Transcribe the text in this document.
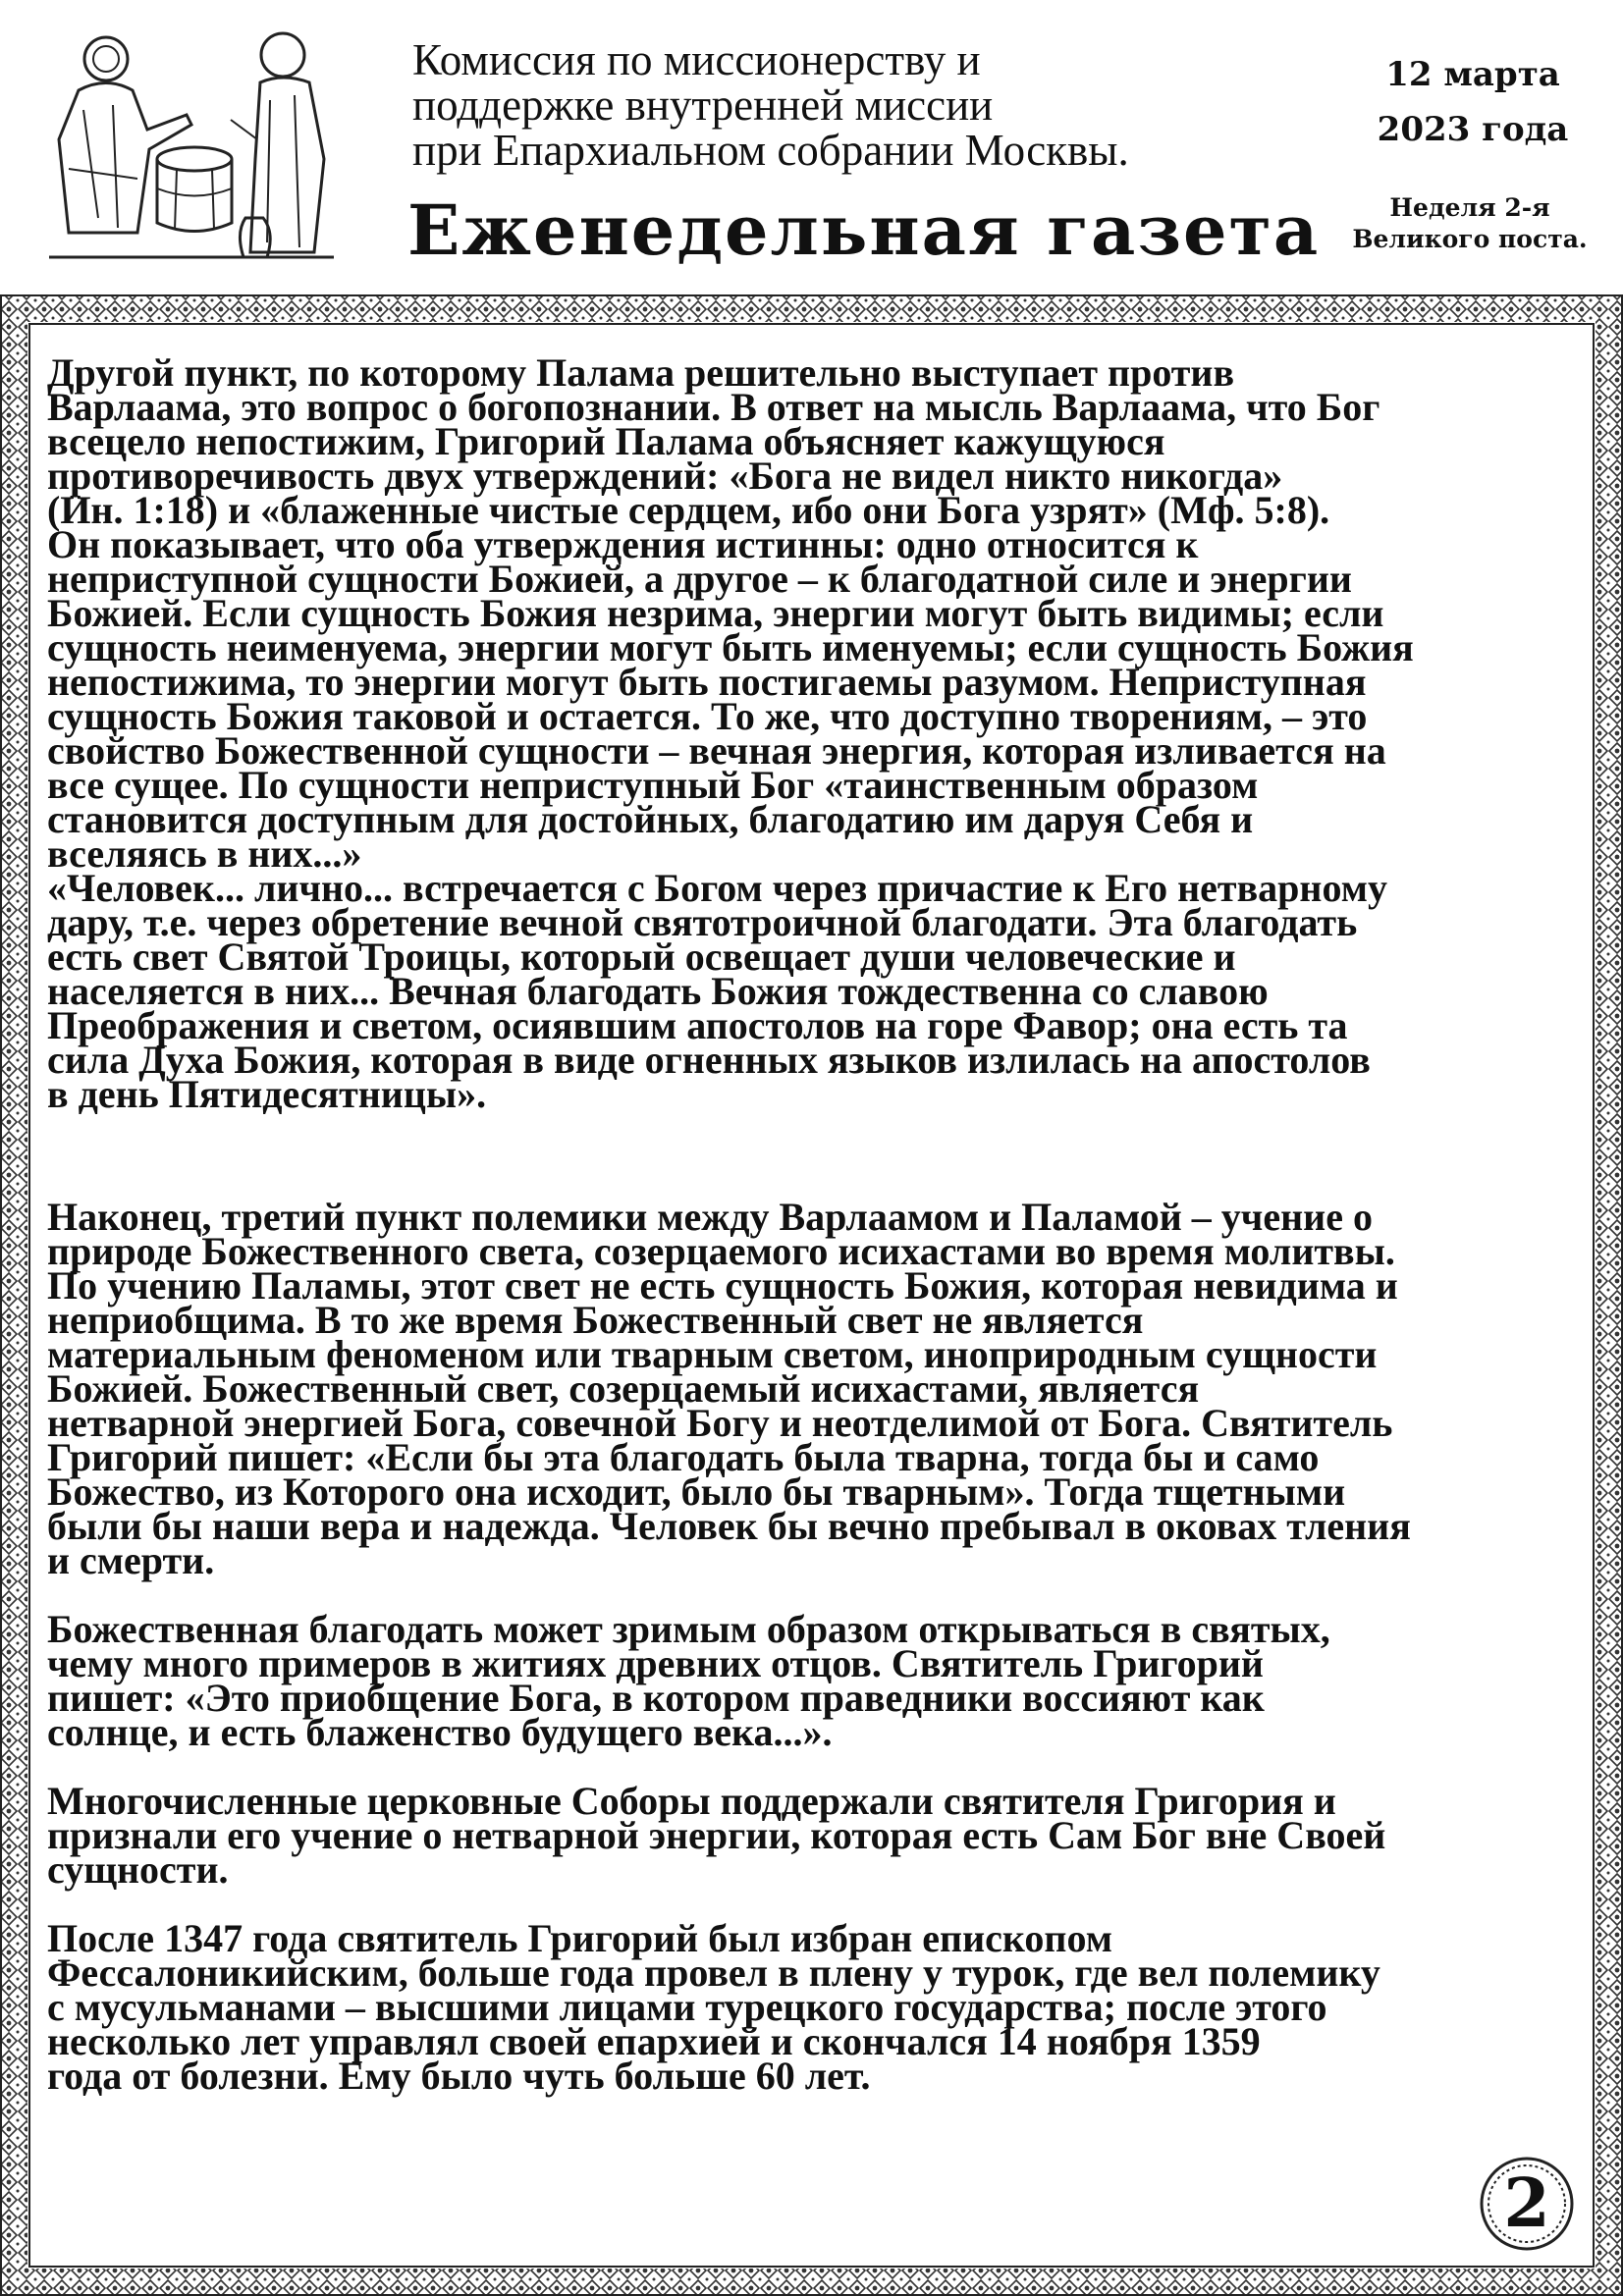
Комиссия по миссионерству и
поддержке внутренней миссии
при Епархиальном собрании Москвы.
Еженедельная газета
12 марта
2023 года
Неделя 2-я
Великого поста.

Другой пункт, по которому Палама решительно выступает против
Варлаама, это вопрос о богопознании. В ответ на мысль Варлаама, что Бог
всецело непостижим, Григорий Палама объясняет кажущуюся
противоречивость двух утверждений: «Бога не видел никто никогда»
(Ин. 1:18) и «блаженные чистые сердцем, ибо они Бога узрят» (Мф. 5:8).
Он показывает, что оба утверждения истинны: одно относится к
неприступной сущности Божией, а другое – к благодатной силе и энергии
Божией. Если сущность Божия незрима, энергии могут быть видимы; если
сущность неименуема, энергии могут быть именуемы; если сущность Божия
непостижима, то энергии могут быть постигаемы разумом. Неприступная
сущность Божия таковой и остается. То же, что доступно творениям, – это
свойство Божественной сущности – вечная энергия, которая изливается на
все сущее. По сущности неприступный Бог «таинственным образом
становится доступным для достойных, благодатию им даруя Себя и
вселяясь в них...»

«Человек... лично... встречается с Богом через причастие к Его нетварному
дару, т.е. через обретение вечной святотроичной благодати. Эта благодать
есть свет Святой Троицы, который освещает души человеческие и
населяется в них... Вечная благодать Божия тождественна со славою
Преображения и светом, осиявшим апостолов на горе Фавор; она есть та
сила Духа Божия, которая в виде огненных языков излилась на апостолов
в день Пятидесятницы».

Наконец, третий пункт полемики между Варлаамом и Паламой – учение о
природе Божественного света, созерцаемого исихастами во время молитвы.
По учению Паламы, этот свет не есть сущность Божия, которая невидима и
неприобщима. В то же время Божественный свет не является
материальным феноменом или тварным светом, иноприродным сущности
Божией. Божественный свет, созерцаемый исихастами, является
нетварной энергией Бога, совечной Богу и неотделимой от Бога. Святитель
Григорий пишет: «Если бы эта благодать была тварна, тогда бы и само
Божество, из Которого она исходит, было бы тварным». Тогда тщетными
были бы наши вера и надежда. Человек бы вечно пребывал в оковах тления
и смерти.

Божественная благодать может зримым образом открываться в святых,
чему много примеров в житиях древних отцов. Святитель Григорий
пишет: «Это приобщение Бога, в котором праведники воссияют как
солнце, и есть блаженство будущего века...».

Многочисленные церковные Соборы поддержали святителя Григория и
признали его учение о нетварной энергии, которая есть Сам Бог вне Своей
сущности.

После 1347 года святитель Григорий был избран епископом
Фессалоникийским, больше года провел в плену у турок, где вел полемику
с мусульманами – высшими лицами турецкого государства; после этого
несколько лет управлял своей епархией и скончался 14 ноября 1359
года от болезни. Ему было чуть больше 60 лет.

2
